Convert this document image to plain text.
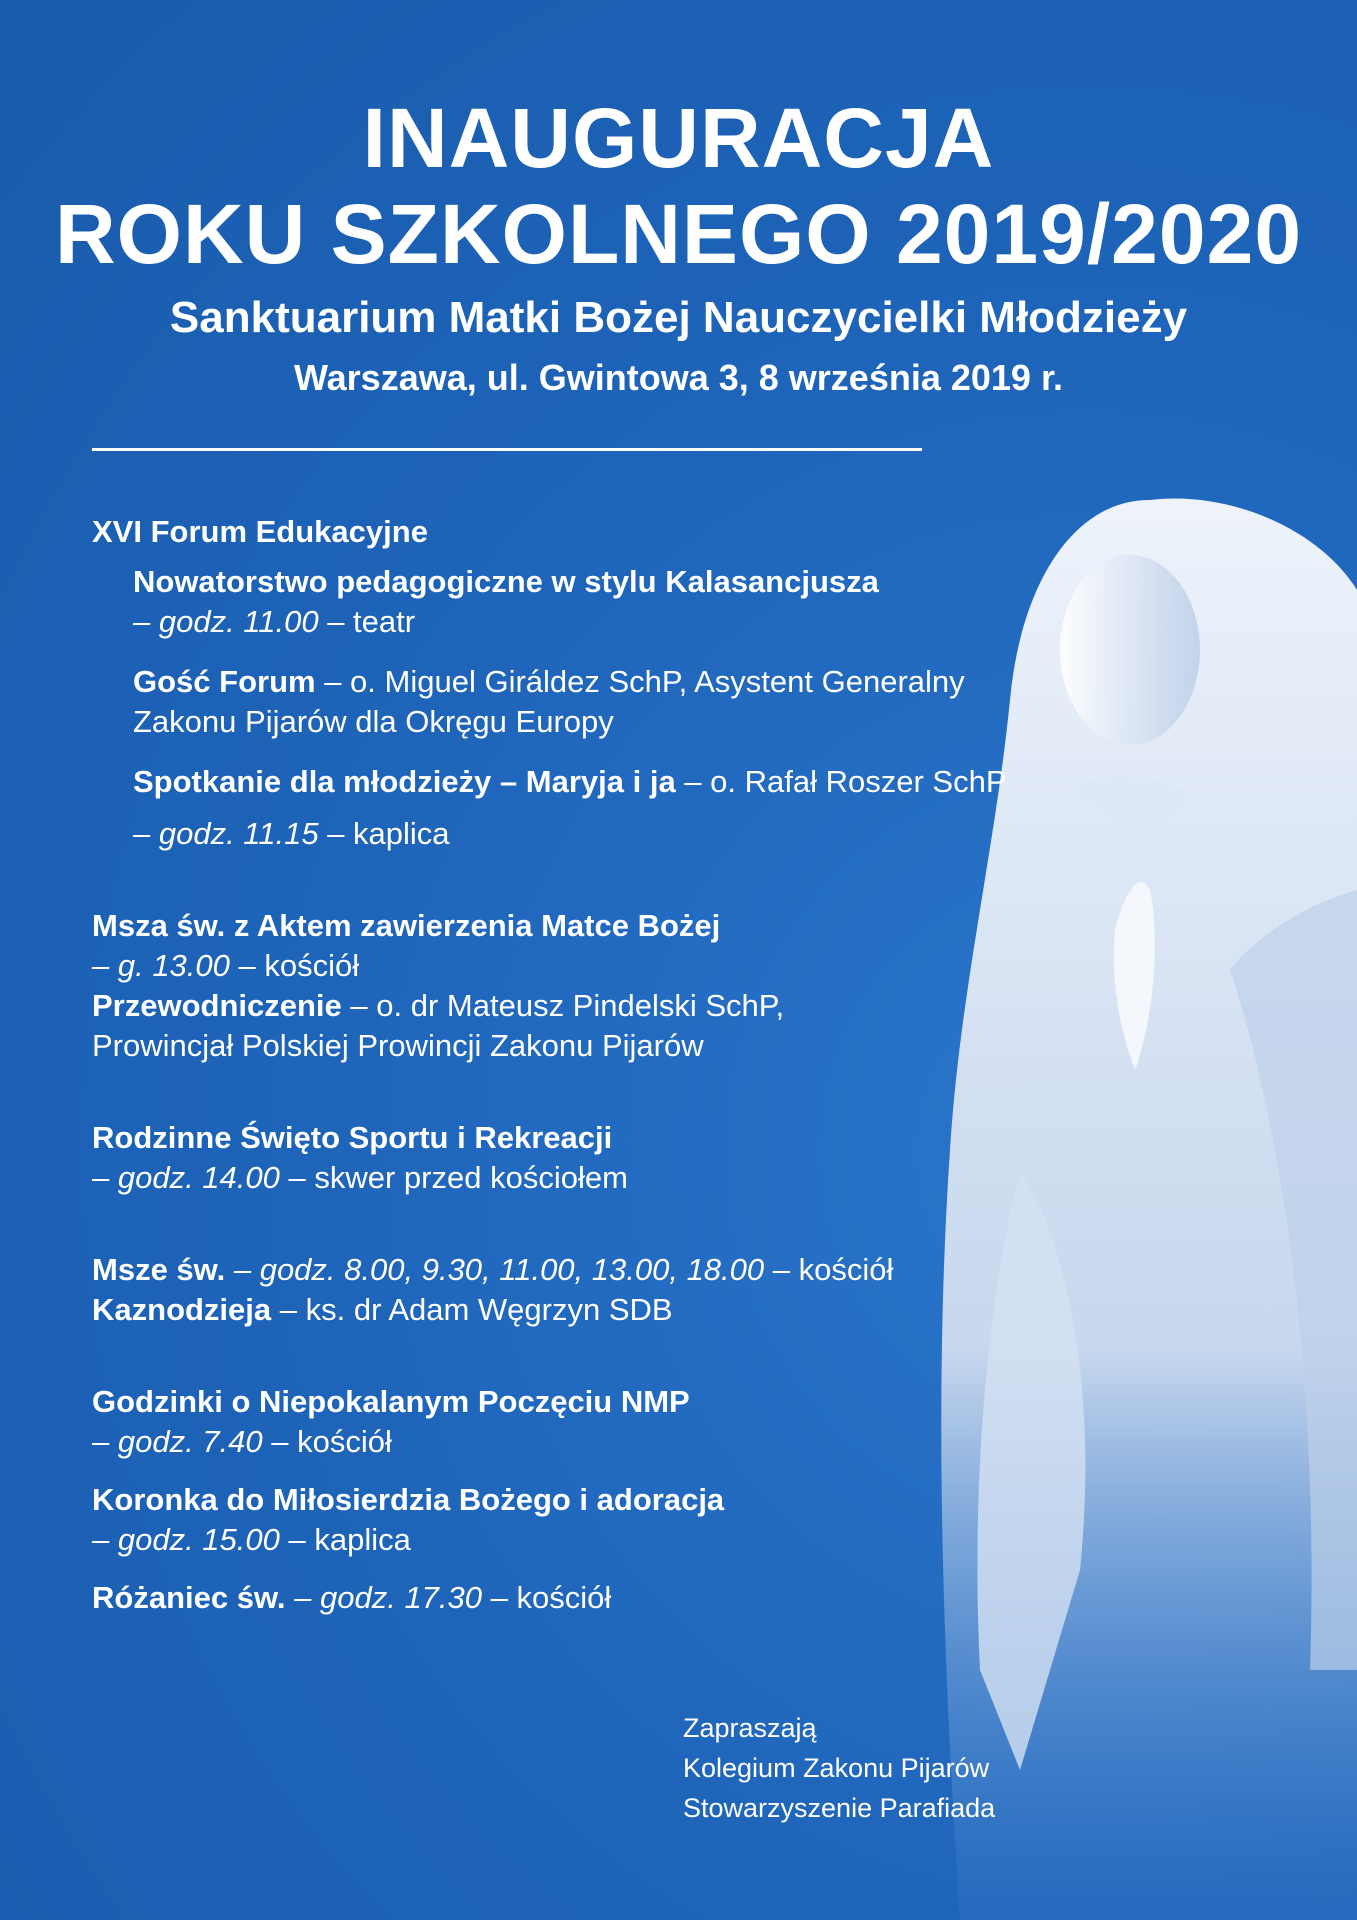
INAUGURACJA
ROKU SZKOLNEGO 2019/2020
Sanktuarium Matki Bożej Nauczycielki Młodzieży
Warszawa, ul. Gwintowa 3, 8 września 2019 r.
XVI Forum Edukacyjne
Nowatorstwo pedagogiczne w stylu Kalasancjusza
– godz. 11.00 – teatr
Gość Forum – o. Miguel Giráldez SchP, Asystent Generalny Zakonu Pijarów dla Okręgu Europy
Spotkanie dla młodzieży – Maryja i ja – o. Rafał Roszer SchP
– godz. 11.15 – kaplica
Msza św. z Aktem zawierzenia Matce Bożej
– g. 13.00 – kościół
Przewodniczenie – o. dr Mateusz Pindelski SchP,
Prowincjał Polskiej Prowincji Zakonu Pijarów
Rodzinne Święto Sportu i Rekreacji
– godz. 14.00 – skwer przed kościołem
Msze św. – godz. 8.00, 9.30, 11.00, 13.00, 18.00 – kościół
Kaznodzieja – ks. dr Adam Węgrzyn SDB
Godzinki o Niepokalanym Poczęciu NMP
– godz. 7.40 – kościół
Koronka do Miłosierdzia Bożego i adoracja
– godz. 15.00 – kaplica
Różaniec św. – godz. 17.30 – kościół
Zapraszają
Kolegium Zakonu Pijarów
Stowarzyszenie Parafiada
